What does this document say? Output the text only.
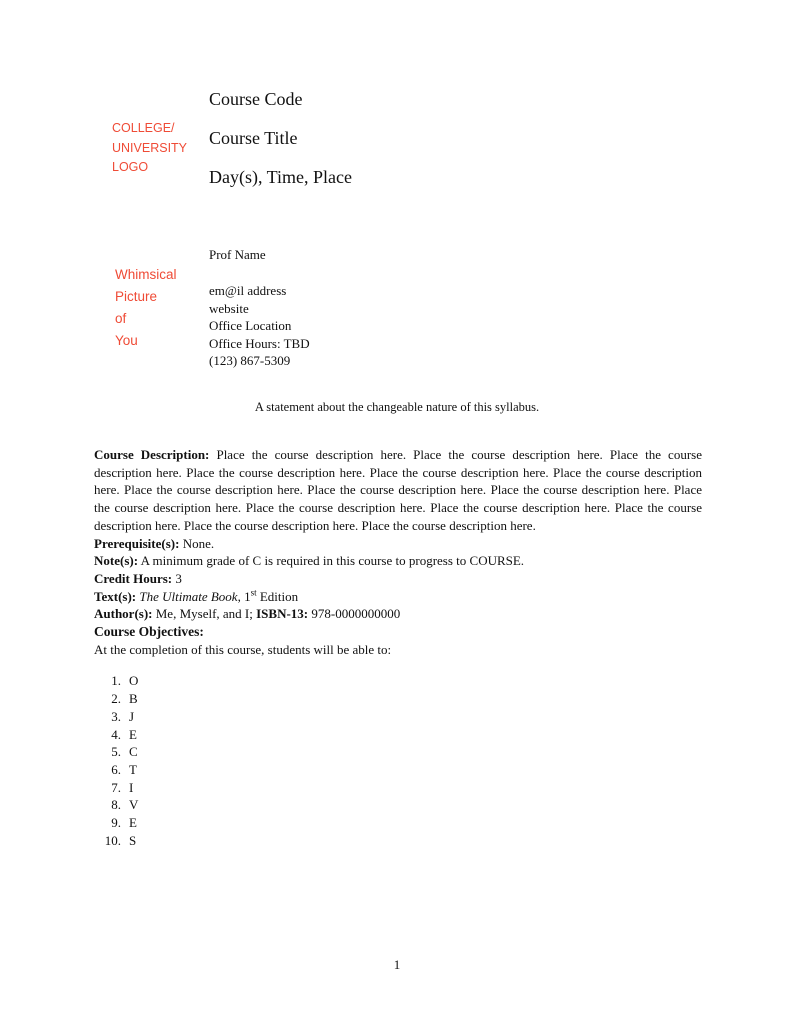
COLLEGE/
UNIVERSITY
LOGO
Course Code
Course Title
Day(s), Time, Place
Whimsical
Picture
of
You
Prof Name
em@il address
website
Office Location
Office Hours: TBD
(123) 867-5309
A statement about the changeable nature of this syllabus.

Course Description: Place the course description here. Place the course description here. Place the course description here. Place the course description here. Place the course description here. Place the course description here. Place the course description here. Place the course description here. Place the course description here. Place the course description here. Place the course description here. Place the course description here. Place the course description here. Place the course description here. Place the course description here.

Prerequisite(s): None.

Note(s): A minimum grade of C is required in this course to progress to COURSE.

Credit Hours: 3

Text(s): The Ultimate Book, 1st Edition

Author(s): Me, Myself, and I; ISBN-13: 978-0000000000

Course Objectives:

At the completion of this course, students will be able to:

1. O
2. B
3. J
4. E
5. C
6. T
7. I
8. V
9. E
10. S
1
